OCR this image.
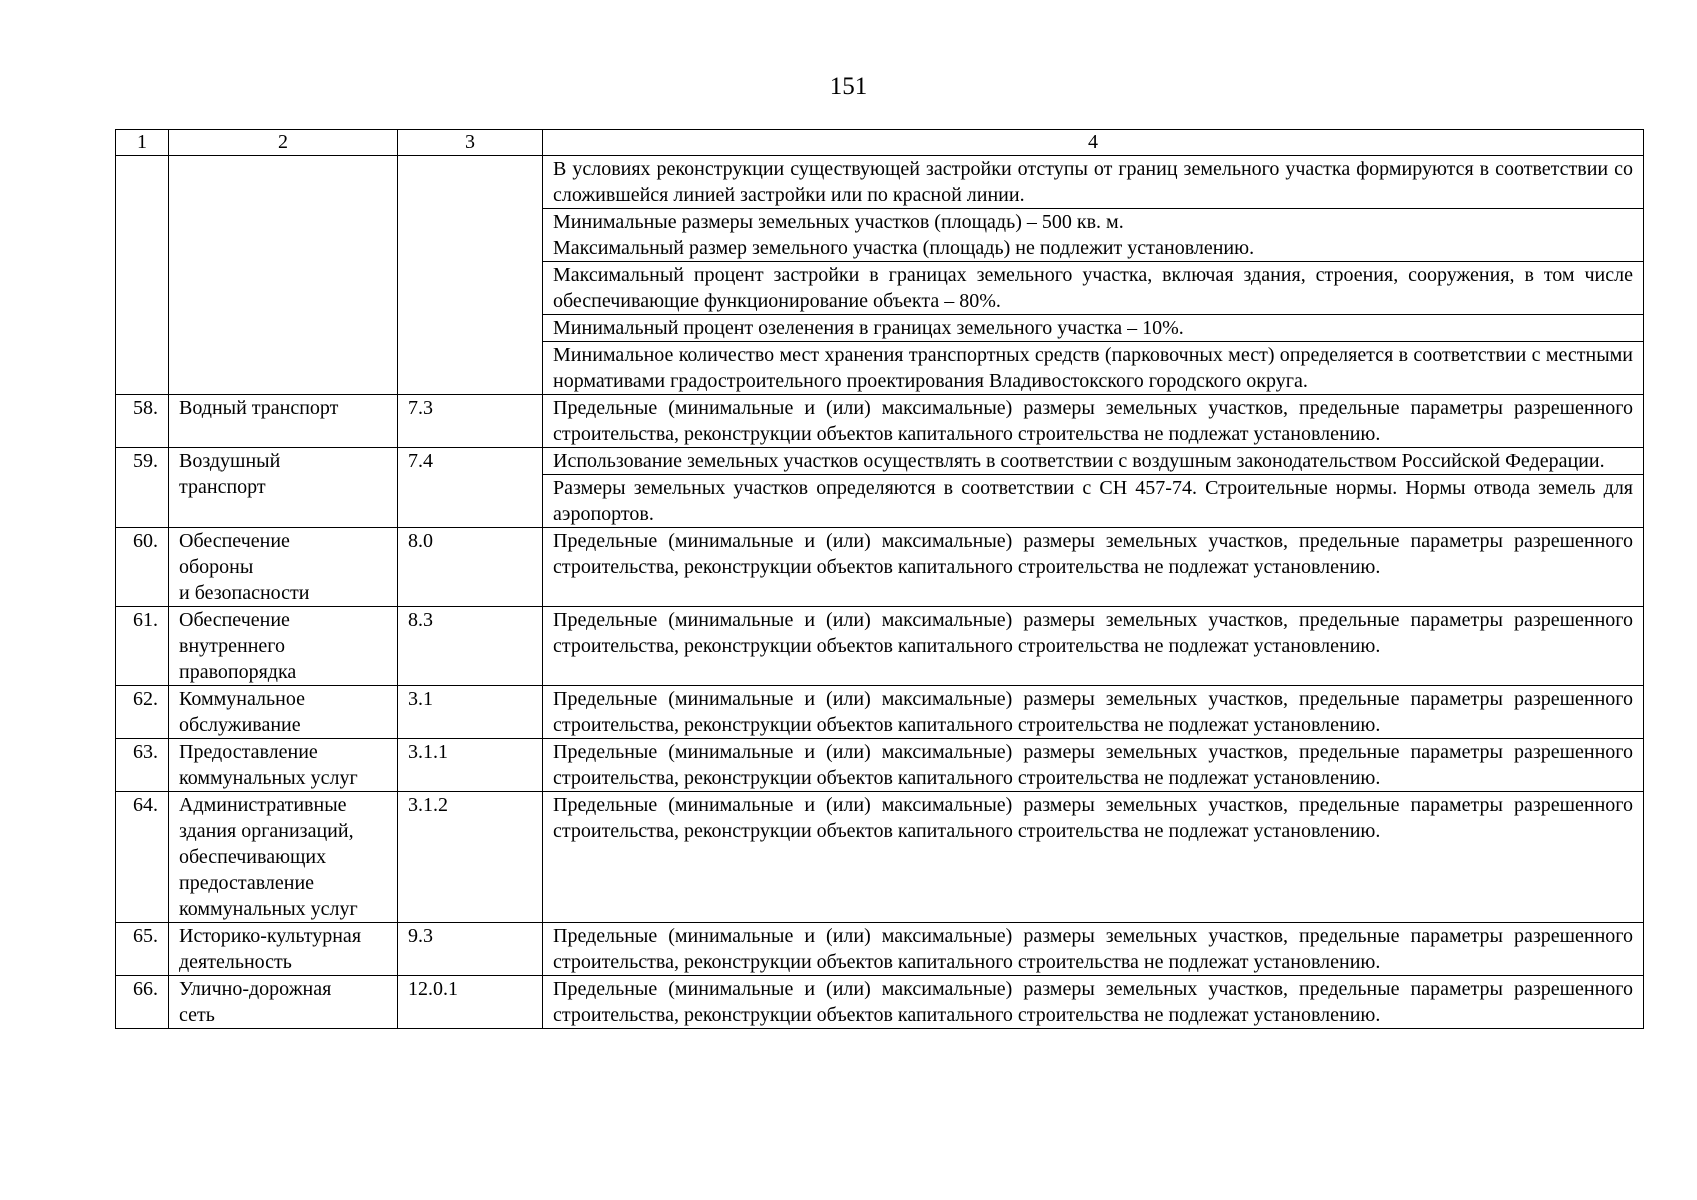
151
1	2	3	4
			В условиях реконструкции существующей застройки отступы от границ земельного участка формируются в соответствии со сложившейся линией застройки или по красной линии.

			Минимальные размеры земельных участков (площадь) – 500 кв. м.
Максимальный размер земельного участка (площадь) не подлежит установлению.

			Максимальный процент застройки в границах земельного участка, включая здания, строения, сооружения, в том числе обеспечивающие функционирование объекта – 80%.
			Минимальный процент озеленения в границах земельного участка – 10%.
			Минимальное количество мест хранения транспортных средств (парковочных мест) определяется в соответствии с местными нормативами градостроительного проектирования Владивостокского городского округа.
58.	Водный транспорт	7.3	Предельные (минимальные и (или) максимальные) размеры земельных участков, предельные параметры разрешенного строительства, реконструкции объектов капитального строительства не подлежат установлению.
59.	Воздушный
транспорт	7.4	Использование земельных участков осуществлять в соответствии с воздушным законодательством Российской Федерации.
			Размеры земельных участков определяются в соответствии с СН 457-74. Строительные нормы. Нормы отвода земель для аэропортов.
60.	Обеспечение
обороны
и безопасности	8.0	Предельные (минимальные и (или) максимальные) размеры земельных участков, предельные параметры разрешенного строительства, реконструкции объектов капитального строительства не подлежат установлению.
61.	Обеспечение
внутреннего
правопорядка	8.3	Предельные (минимальные и (или) максимальные) размеры земельных участков, предельные параметры разрешенного строительства, реконструкции объектов капитального строительства не подлежат установлению.
62.	Коммунальное
обслуживание	3.1	Предельные (минимальные и (или) максимальные) размеры земельных участков, предельные параметры разрешенного строительства, реконструкции объектов капитального строительства не подлежат установлению.
63.	Предоставление
коммунальных услуг	3.1.1	Предельные (минимальные и (или) максимальные) размеры земельных участков, предельные параметры разрешенного строительства, реконструкции объектов капитального строительства не подлежат установлению.
64.	Административные
здания организаций,
обеспечивающих
предоставление
коммунальных услуг	3.1.2	Предельные (минимальные и (или) максимальные) размеры земельных участков, предельные параметры разрешенного строительства, реконструкции объектов капитального строительства не подлежат установлению.
65.	Историко-культурная
деятельность	9.3	Предельные (минимальные и (или) максимальные) размеры земельных участков, предельные параметры разрешенного строительства, реконструкции объектов капитального строительства не подлежат установлению.
66.	Улично-дорожная
сеть	12.0.1	Предельные (минимальные и (или) максимальные) размеры земельных участков, предельные параметры разрешенного строительства, реконструкции объектов капитального строительства не подлежат установлению.
